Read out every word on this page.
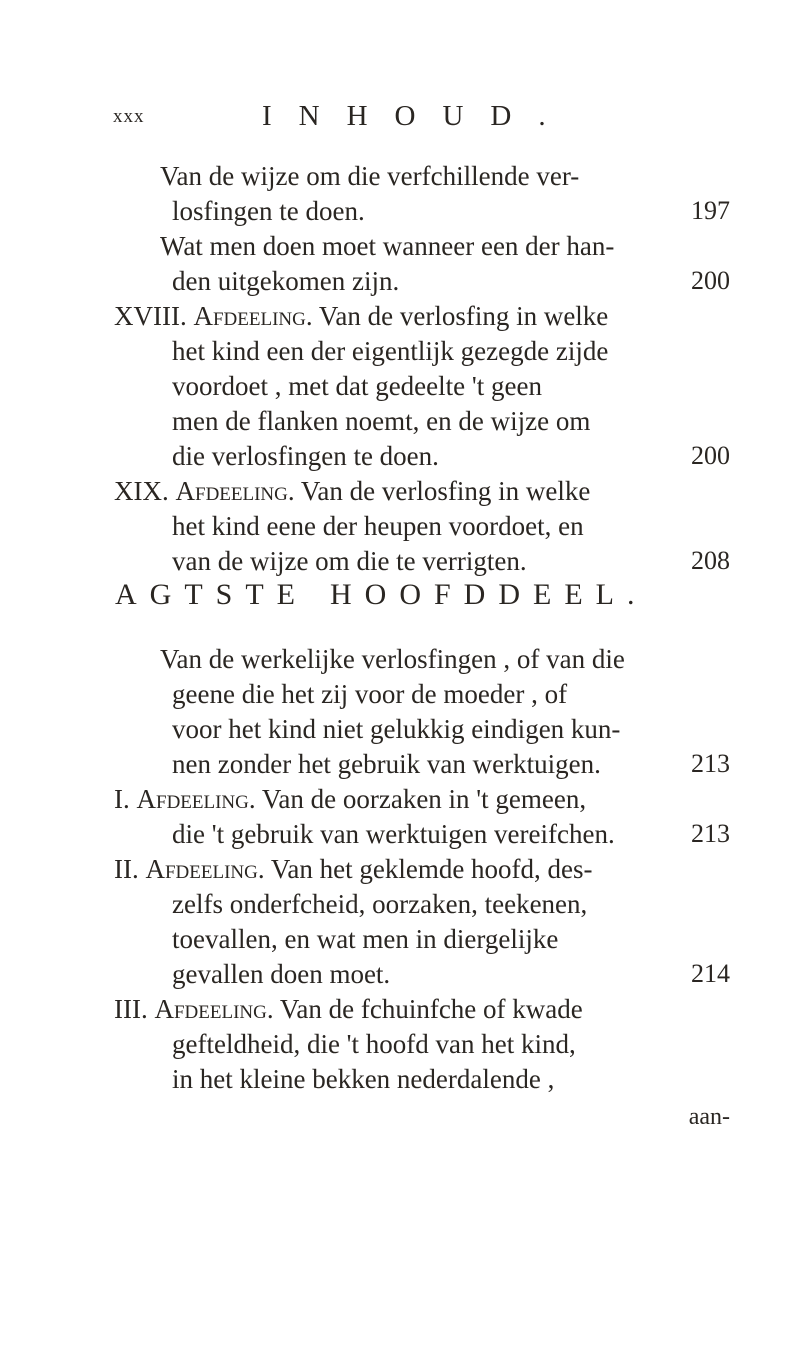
xxx	INHOUD.
Van de wijze om die verfchillende ver-
losfingen te doen.	197
Wat men doen moet wanneer een der han-
den uitgekomen zijn.	200
XVIII. Afdeeling. Van de verlosfing in welke
het kind een der eigentlijk gezegde zijde
voordoet , met dat gedeelte 't geen
men de flanken noemt, en de wijze om
die verlosfingen te doen.	200
XIX. Afdeeling. Van de verlosfing in welke
het kind eene der heupen voordoet, en
van de wijze om die te verrigten.	208
AGTSTE HOOFDDEEL.
Van de werkelijke verlosfingen , of van die
geene die het zij voor de moeder , of
voor het kind niet gelukkig eindigen kun-
nen zonder het gebruik van werktuigen.	213
I. Afdeeling. Van de oorzaken in 't gemeen,
die 't gebruik van werktuigen vereifchen.	213
II. Afdeeling. Van het geklemde hoofd, des-
zelfs onderfcheid, oorzaken, teekenen,
toevallen, en wat men in diergelijke
gevallen doen moet.	214
III. Afdeeling. Van de fchuinfche of kwade
gefteldheid, die 't hoofd van het kind,
in het kleine bekken nederdalende ,
aan-
